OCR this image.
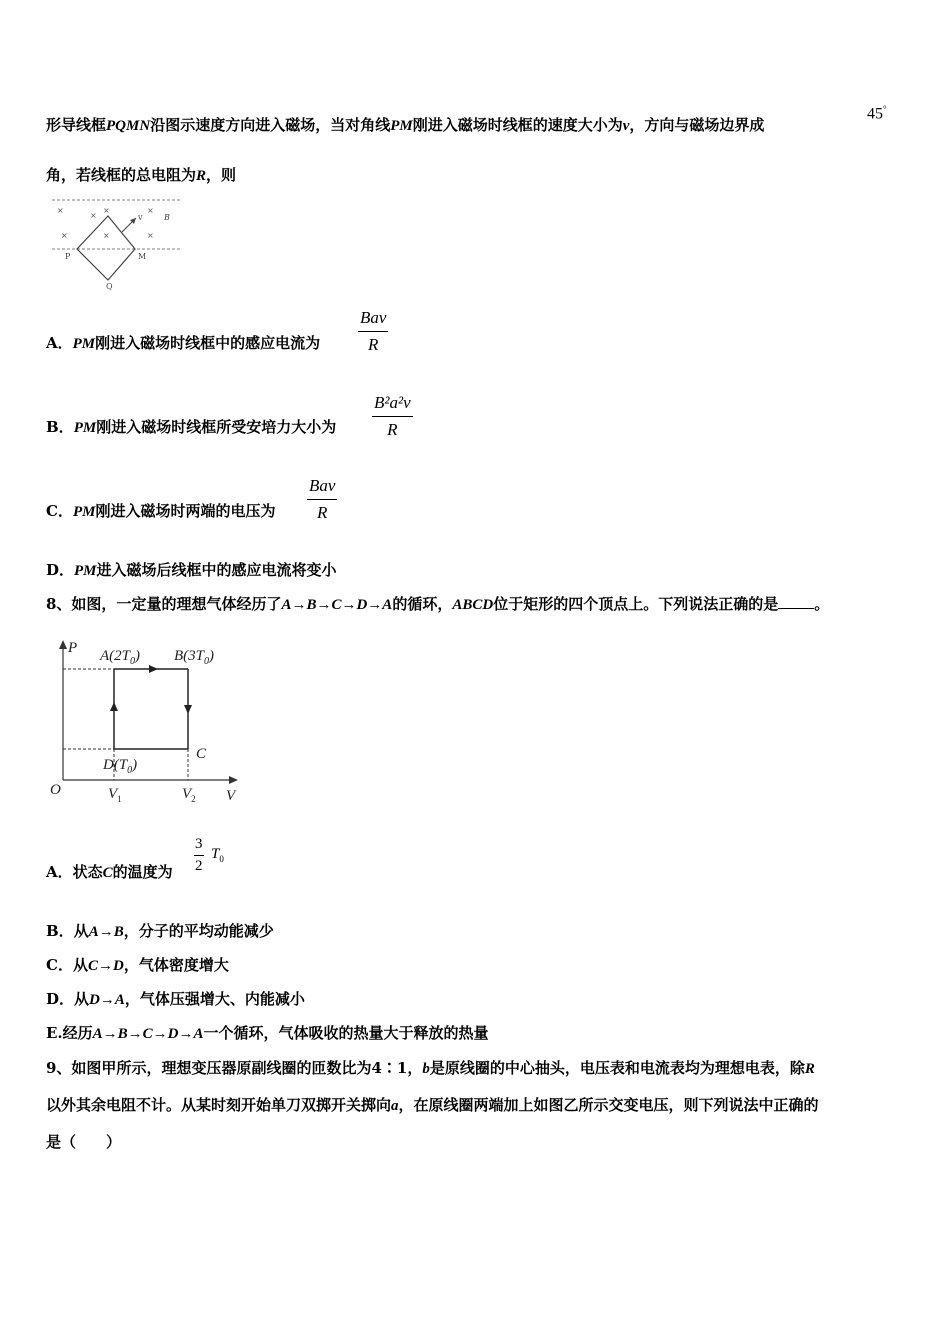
形导线框PQMN沿图示速度方向进入磁场，当对角线PM刚进入磁场时线框的速度大小为v，方向与磁场边界成
45°
角，若线框的总电阻为R，则
×
×
×	×
×	×	×
v	B
P	M
Q
A．PM刚进入磁场时线框中的感应电流为
Bav
R
B．PM刚进入磁场时线框所受安培力大小为 $\frac{\text{B²a²v}}{R}$
C．PM刚进入磁场时两端的电压为
Bav
R
D．PM进入磁场后线框中的感应电流将变小
8、如图，一定量的理想气体经历了A→B→C→D→A的循环，ABCD位于矩形的四个顶点上。下列说法正确的是 。
P
V
O
$A(2T_0)$ $B(3T_0)$
C
$D(T_0)$
$V_1$	$V_2$
A．状态C的温度为 $\frac{3}{2} T_0$
B．从A→B，分子的平均动能减少
C．从C→D，气体密度增大
D．从D→A，气体压强增大、内能减小
E.经历A→B→C→D→A一个循环，气体吸收的热量大于释放的热量
9、如图甲所示，理想变压器原副线圈的匝数比为4∶1，b是原线圈的中心抽头，电压表和电流表均为理想电表，除R
以外其余电阻不计。从某时刻开始单刀双掷开关掷向a，在原线圈两端加上如图乙所示交变电压，则下列说法中正确的
是（　　）
